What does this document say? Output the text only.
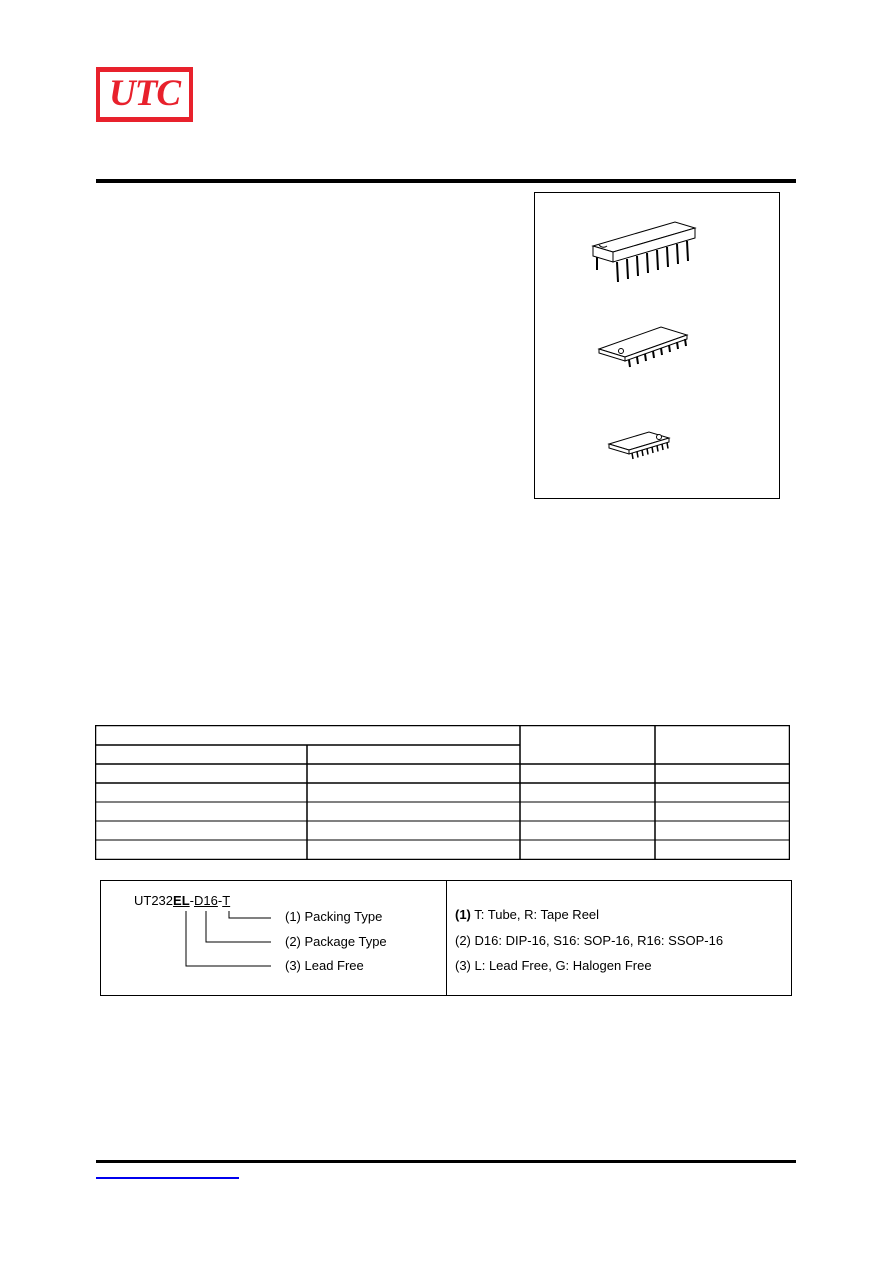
UTC
UT232EL-D16-T
(1) Packing Type
(2) Package Type
(3) Lead Free
(1) T: Tube, R: Tape Reel
(2) D16: DIP-16, S16: SOP-16, R16: SSOP-16
(3) L: Lead Free, G: Halogen Free
